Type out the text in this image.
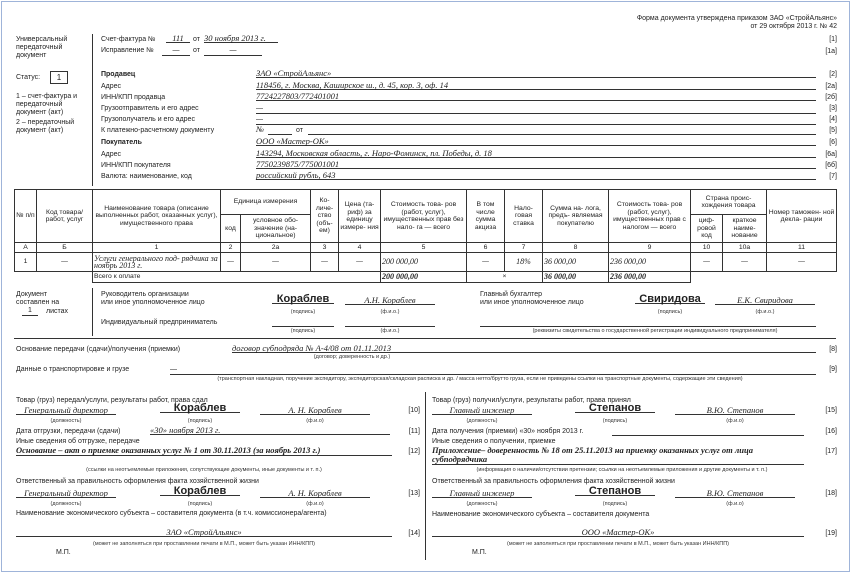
Форма документа утверждена приказом ЗАО «СтройАльянс»
от 29 октября 2013 г. № 42
Универсальный передаточный документ
Статус:	1
1 – счет-фактура и передаточный документ (акт)
2 – передаточный документ (акт)
Счет-фактура №	111	от 30 ноября 2013 г.
Исправление №	—	от	—
[1]
[1а]
Продавец	ЗАО «СтройАльянс»	[2]
Адрес	118456, г. Москва, Каширское ш., д. 45, кор. 3, оф. 14	[2а]
ИНН/КПП продавца	7724227803/772401001	[2б]
Грузоотправитель и его адрес	—	[3]
Грузополучатель и его адрес	—	[4]
К платежно-расчетному документу	№	от	[5]
Покупатель	ООО «Мастер-ОК»	[6]
Адрес	143294, Московская область, г. Наро-Фоминск, пл. Победы, д. 18	[6а]
ИНН/КПП покупателя	7750239875/775001001	[6б]
Валюта: наименование, код	российский рубль, 643	[7]
№ п/п	Код товара/ работ, услуг	Наименование товара (описание выполненных работ, оказанных услуг), имущественного права	Единица измерения		Ко- личе- ство (объ- ем)	Цена (та- риф) за единицу измере- ния	Стоимость това- ров (работ, услуг), имущественных прав без нало- га — всего	В том числе сумма акциза	Нало- говая ставка	Сумма на- лога, предъ- являемая покупателю	Стоимость това- ров (работ, услуг), имущественных прав с налогом — всего	Страна проис- хождения товара		Номер таможен- ной декла- рации
			код	условное обо- значение (на- циональное)								циф- ровой код	краткое наиме- нование	
А	Б	1	2	2а	3	4	5	6	7	8	9	10	10а	11
1	—	Услуги генерального под- рядчика за ноябрь 2013 г.	—	—	—	—	200 000,00	—	18%	36 000,00	236 000,00	—	—	—
		Всего к оплате					200 000,00	×		36 000,00	236 000,00			
Документ
составлен на
1	листах
Руководитель организации
или иное уполномоченное лицо	Кораблев	А.Н. Кораблев
(подпись)	(ф.и.о.)
Главный бухгалтер
или иное уполномоченное лицо	Свиридова	Е.К. Свиридова
(подпись)	(ф.и.о.)
Индивидуальный предприниматель
(подпись)	(ф.и.о.)	(реквизиты свидетельства о государственной регистрации индивидуального предпринимателя)
Основание передачи (сдачи)/получения (приемки)	договор субподряда № А-4/08 от 01.11.2013	[8]
(договор; доверенность и др.)
Данные о транспортировке и грузе	—	[9]
(транспортная накладная, поручение экспедитору, экспедиторская/складская расписка и др. / масса нетто/брутто груза, если не приведены ссылки на транспортные документы, содержащие эти сведения)
Товар (груз) передал/услуги, результаты работ, права сдал
Генеральный директор	Кораблев	А. Н. Кораблев	[10]
(должность)	(подпись)	(ф.и.о)
Дата отгрузки, передачи (сдачи)	«30» ноября 2013 г.	[11]
Иные сведения об отгрузке, передаче
Основание – акт о приемке оказанных услуг № 1 от 30.11.2013 (за ноябрь 2013 г.)	[12]
(ссылки на неотъемлемые приложения, сопутствующие документы, иные документы и т. п.)
Ответственный за правильность оформления факта хозяйственной жизни
Генеральный директор	Кораблев	А. Н. Кораблев	[13]
(должность)	(подпись)	(ф.и.о)
Наименование экономического субъекта – составителя документа (в т.ч. комиссионера/агента)
ЗАО «СтройАльянс»	[14]
(может не заполняться при проставлении печати в М.П., может быть указан ИНН/КПП)
М.П.
Товар (груз) получил/услуги, результаты работ, права принял
Главный инженер	Степанов	В.Ю. Степанов	[15]
(должность)	(подпись)	(ф.и.о)
Дата получения (приемки) «30» ноября 2013 г.	[16]
Иные сведения о получении, приемке
Приложение– доверенность № 18 от 25.11.2013 на приемку оказанных услуг от лица субподрядчика
[17]
(информация о наличии/отсутствии претензии; ссылки на неотъемлемые приложения и другие документы и т. п.)
Ответственный за правильность оформления факта хозяйственной жизни
Главный инженер	Степанов	В.Ю. Степанов	[18]
(должность)	(подпись)	(ф.и.о)
Наименование экономического субъекта – составителя документа
ООО «Мастер-ОК»	[19]
(может не заполняться при проставлении печати в М.П., может быть указан ИНН/КПП)
М.П.
